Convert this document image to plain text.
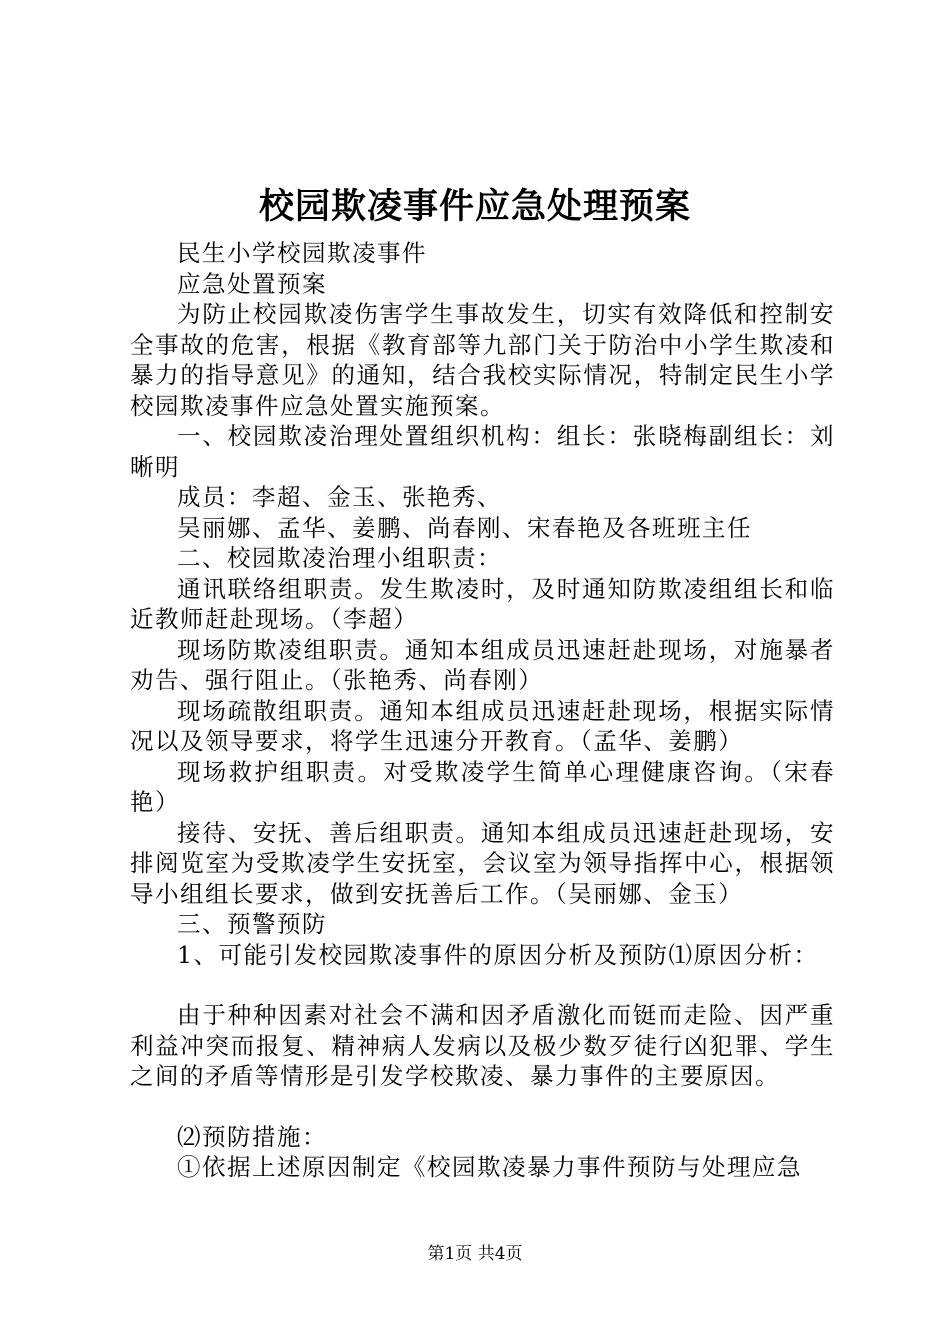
校园欺凌事件应急处理预案

民生小学校园欺凌事件

应急处置预案

为防止校园欺凌伤害学生事故发生，切实有效降低和控制安全事故的危害，根据《教育部等九部门关于防治中小学生欺凌和暴力的指导意见》的通知，结合我校实际情况，特制定民生小学校园欺凌事件应急处置实施预案。

一、校园欺凌治理处置组织机构：组长：张晓梅副组长：刘晰明

成员：李超、金玉、张艳秀、

吴丽娜、孟华、姜鹏、尚春刚、宋春艳及各班班主任

二、校园欺凌治理小组职责：

通讯联络组职责。发生欺凌时，及时通知防欺凌组组长和临近教师赶赴现场。（李超）

现场防欺凌组职责。通知本组成员迅速赶赴现场，对施暴者劝告、强行阻止。（张艳秀、尚春刚）

现场疏散组职责。通知本组成员迅速赶赴现场，根据实际情况以及领导要求，将学生迅速分开教育。（孟华、姜鹏）

现场救护组职责。对受欺凌学生简单心理健康咨询。（宋春艳）

接待、安抚、善后组职责。通知本组成员迅速赶赴现场，安排阅览室为受欺凌学生安抚室，会议室为领导指挥中心，根据领导小组组长要求，做到安抚善后工作。（吴丽娜、金玉）

三、预警预防

1、可能引发校园欺凌事件的原因分析及预防⑴原因分析：

由于种种因素对社会不满和因矛盾激化而铤而走险、因严重利益冲突而报复、精神病人发病以及极少数歹徒行凶犯罪、学生之间的矛盾等情形是引发学校欺凌、暴力事件的主要原因。

⑵预防措施：

①依据上述原因制定《校园欺凌暴力事件预防与处理应急

第1页 共4页
